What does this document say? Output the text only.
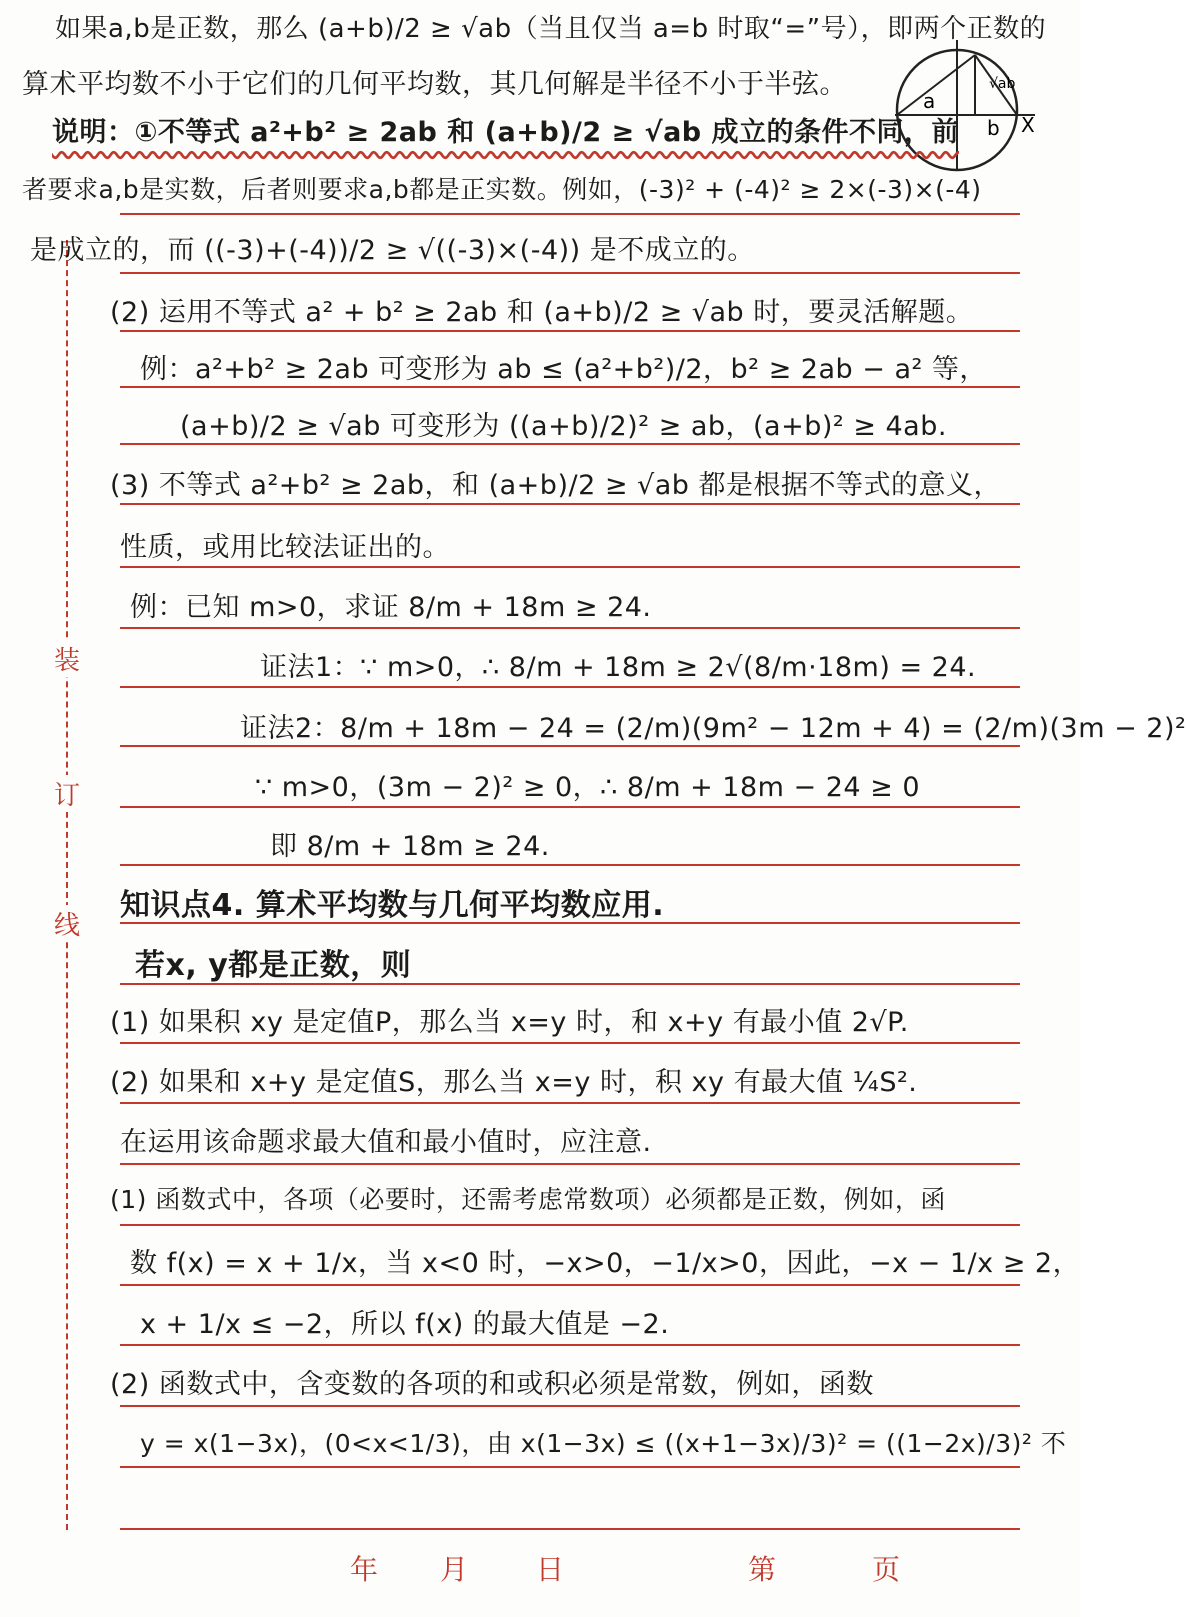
装
订
线
a
b
√ab
X
如果a,b是正数，那么 (a+b)/2 ≥ √ab（当且仅当 a=b 时取“=”号），即两个正数的
算术平均数不小于它们的几何平均数，其几何解是半径不小于半弦。
说明：①不等式 a²+b² ≥ 2ab 和 (a+b)/2 ≥ √ab 成立的条件不同，前
者要求a,b是实数，后者则要求a,b都是正实数。例如，(-3)² + (-4)² ≥ 2×(-3)×(-4)
是成立的，而 ((-3)+(-4))/2 ≥ √((-3)×(-4)) 是不成立的。
(2) 运用不等式 a² + b² ≥ 2ab 和 (a+b)/2 ≥ √ab 时，要灵活解题。
例：a²+b² ≥ 2ab 可变形为 ab ≤ (a²+b²)/2，b² ≥ 2ab − a² 等，
(a+b)/2 ≥ √ab 可变形为 ((a+b)/2)² ≥ ab，(a+b)² ≥ 4ab.
(3) 不等式 a²+b² ≥ 2ab，和 (a+b)/2 ≥ √ab 都是根据不等式的意义，
性质，或用比较法证出的。
例：已知 m>0，求证 8/m + 18m ≥ 24.
证法1：∵ m>0，∴ 8/m + 18m ≥ 2√(8/m·18m) = 24.
证法2：8/m + 18m − 24 = (2/m)(9m² − 12m + 4) = (2/m)(3m − 2)²
∵ m>0，(3m − 2)² ≥ 0，∴ 8/m + 18m − 24 ≥ 0
即 8/m + 18m ≥ 24.
知识点4. 算术平均数与几何平均数应用.
若x, y都是正数，则
(1) 如果积 xy 是定值P，那么当 x=y 时，和 x+y 有最小值 2√P.
(2) 如果和 x+y 是定值S，那么当 x=y 时，积 xy 有最大值 ¼S².
在运用该命题求最大值和最小值时，应注意.
(1) 函数式中，各项（必要时，还需考虑常数项）必须都是正数，例如，函
数 f(x) = x + 1/x，当 x<0 时，−x>0，−1/x>0，因此，−x − 1/x ≥ 2，
x + 1/x ≤ −2，所以 f(x) 的最大值是 −2.
(2) 函数式中，含变数的各项的和或积必须是常数，例如，函数
y = x(1−3x)，(0<x<1/3)，由 x(1−3x) ≤ ((x+1−3x)/3)² = ((1−2x)/3)² 不
年 月 日	第	页
